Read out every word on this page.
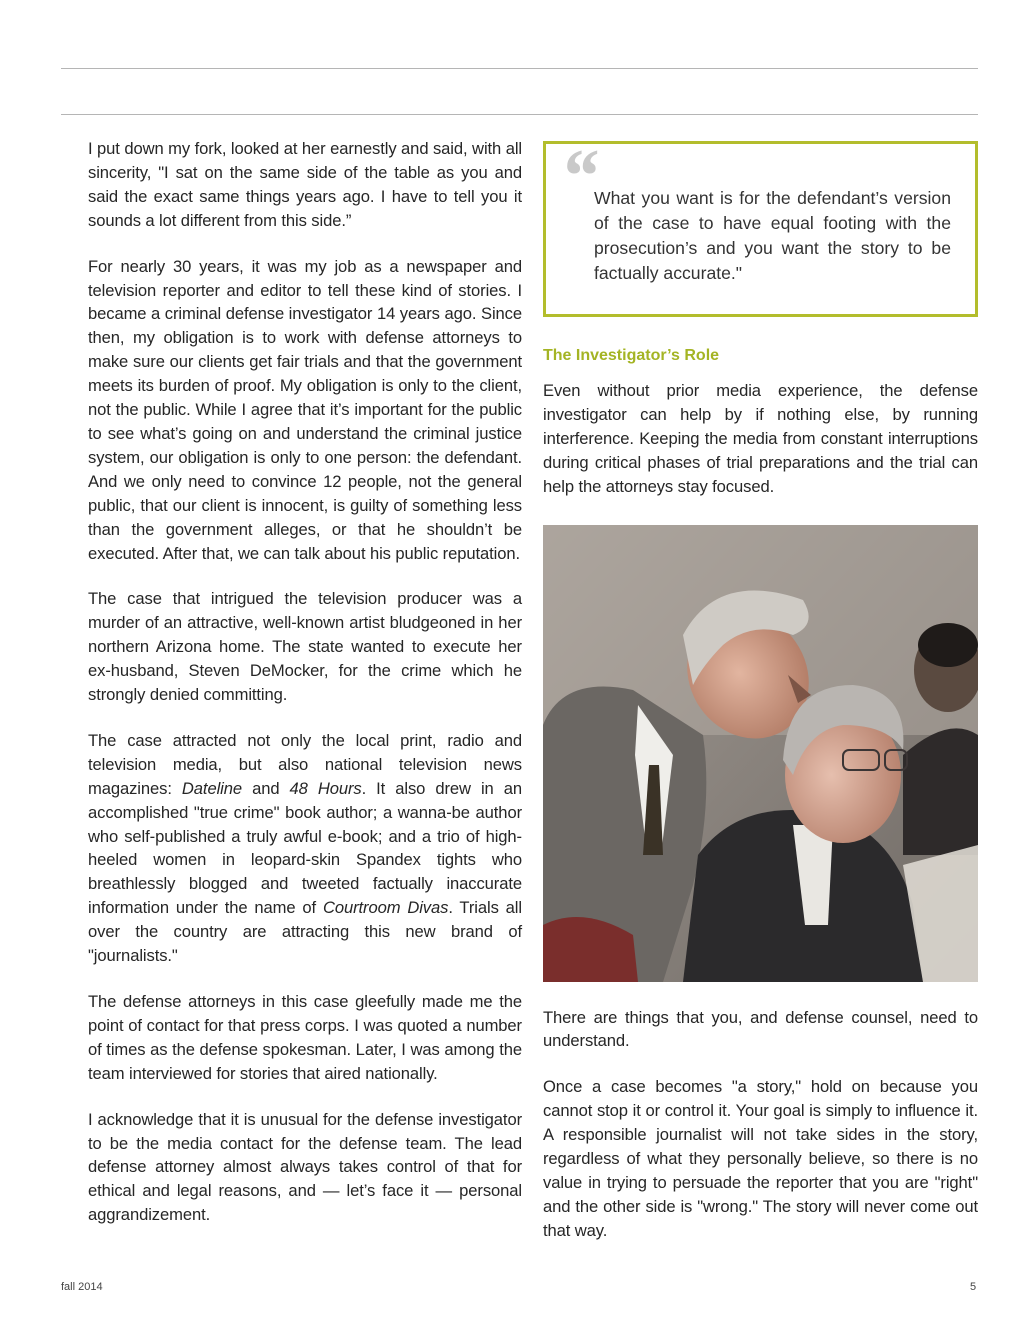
I put down my fork, looked at her earnestly and said, with all sincerity, "I sat on the same side of the table as you and said the exact same things years ago. I have to tell you it sounds a lot different from this side.”

For nearly 30 years, it was my job as a newspaper and television reporter and editor to tell these kind of stories. I became a criminal defense investigator 14 years ago. Since then, my obligation is to work with defense attorneys to make sure our clients get fair trials and that the government meets its burden of proof. My obligation is only to the client, not the public. While I agree that it’s important for the public to see what’s going on and understand the criminal justice system, our obligation is only to one person: the defendant. And we only need to convince 12 people, not the general public, that our client is innocent, is guilty of something less than the government alleges, or that he shouldn’t be executed. After that, we can talk about his public reputation.

The case that intrigued the television producer was a murder of an attractive, well-known artist bludgeoned in her northern Arizona home. The state wanted to execute her ex-husband, Steven DeMocker, for the crime which he strongly denied committing.

The case attracted not only the local print, radio and television media, but also national television news magazines: Dateline and 48 Hours. It also drew in an accomplished "true crime" book author; a wanna-be author who self-published a truly awful e-book; and a trio of high-heeled women in leopard-skin Spandex tights who breathlessly blogged and tweeted factually inaccurate information under the name of Courtroom Divas. Trials all over the country are attracting this new brand of "journalists."

The defense attorneys in this case gleefully made me the point of contact for that press corps. I was quoted a number of times as the defense spokesman. Later, I was among the team interviewed for stories that aired nationally.

I acknowledge that it is unusual for the defense investigator to be the media contact for the defense team. The lead defense attorney almost always takes control of that for ethical and legal reasons, and — let’s face it — personal aggrandizement.

“
What you want is for the defendant’s version of the case to have equal footing with the prosecution’s and you want the story to be factually accurate."
The Investigator’s Role

Even without prior media experience, the defense investigator can help by if nothing else, by running interference. Keeping the media from constant interruptions during critical phases of trial preparations and the trial can help the attorneys stay focused.

There are things that you, and defense counsel, need to understand.

Once a case becomes "a story," hold on because you cannot stop it or control it. Your goal is simply to influence it. A responsible journalist will not take sides in the story, regardless of what they personally believe, so there is no value in trying to persuade the reporter that you are "right" and the other side is "wrong." The story will never come out that way.

fall 2014	5
